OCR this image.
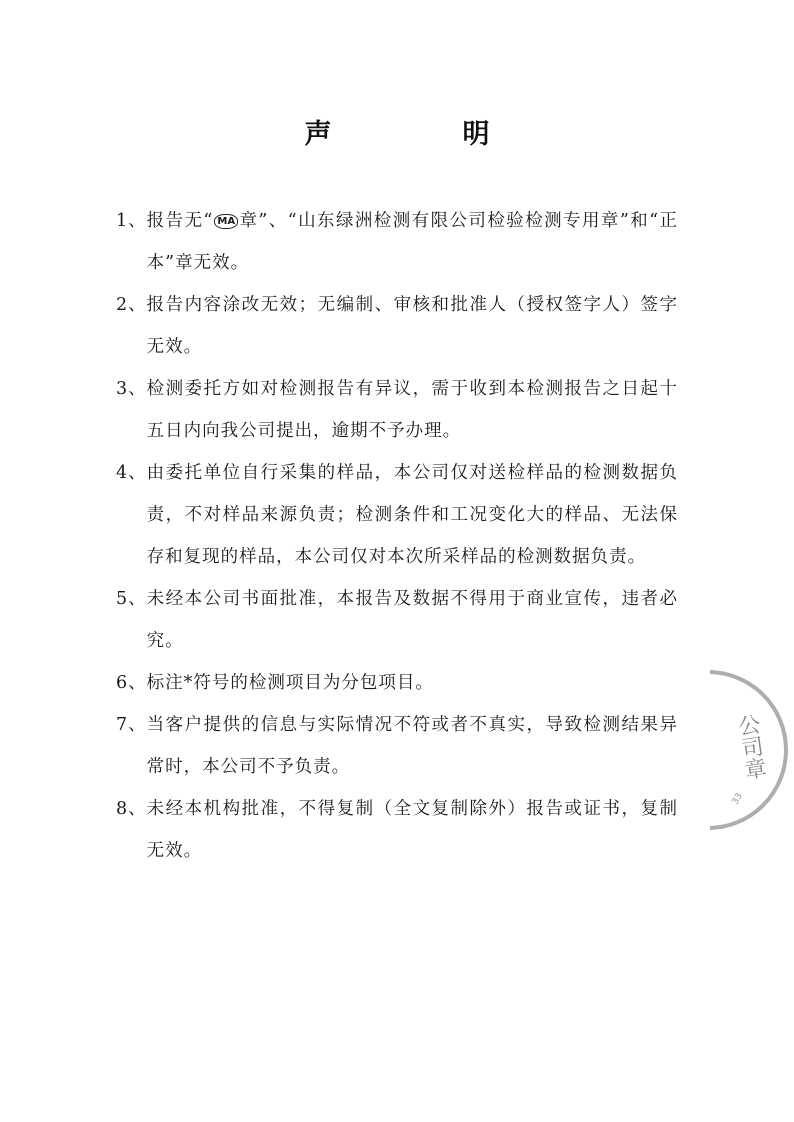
声　明
1、 报告无“ MA 章”、“山东绿洲检测有限公司检验检测专用章”和“正本”章无效。
2、 报告内容涂改无效；无编制、审核和批准人（授权签字人）签字无效。
3、 检测委托方如对检测报告有异议，需于收到本检测报告之日起十五日内向我公司提出，逾期不予办理。
4、 由委托单位自行采集的样品，本公司仅对送检样品的检测数据负责，不对样品来源负责；检测条件和工况变化大的样品、无法保存和复现的样品，本公司仅对本次所采样品的检测数据负责。
5、 未经本公司书面批准，本报告及数据不得用于商业宣传，违者必究。
6、 标注*符号的检测项目为分包项目。
7、 当客户提供的信息与实际情况不符或者不真实，导致检测结果异常时，本公司不予负责。
8、 未经本机构批准，不得复制（全文复制除外）报告或证书，复制无效。
公司章
33
